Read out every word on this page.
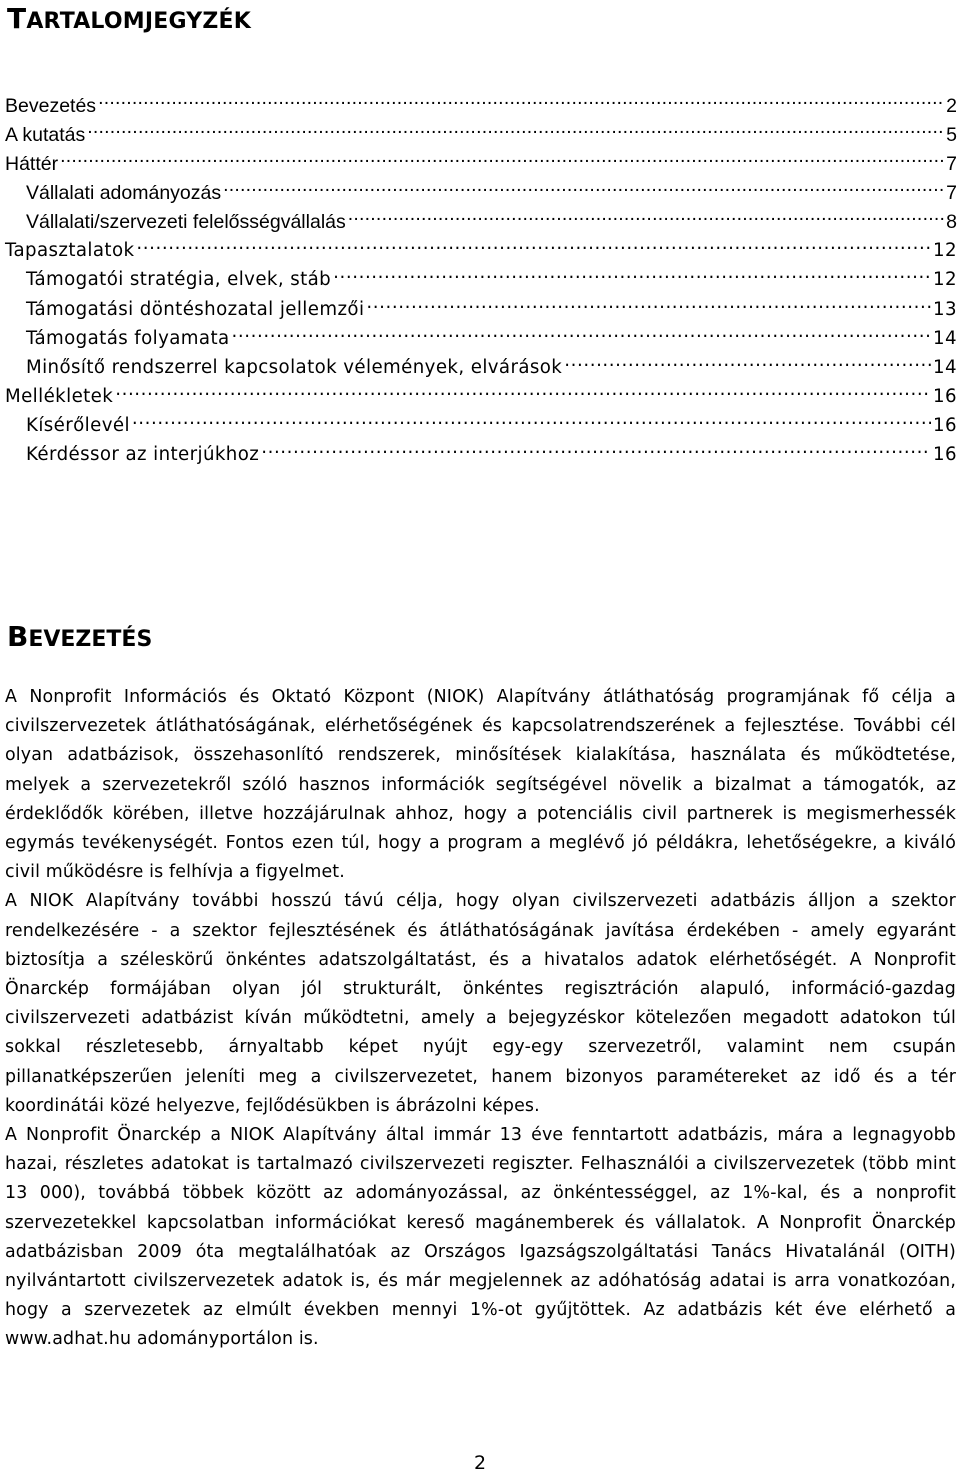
TARTALOMJEGYZÉK
Bevezetés . . .	2
A kutatás . . .	5
Háttér . . .	7
Vállalati adományozás . . .	7
Vállalati/szervezeti felelősségvállalás . . .	8
Tapasztalatok . . .	12
Támogatói stratégia, elvek, stáb . . .	12
Támogatási döntéshozatal jellemzői . . .	13
Támogatás folyamata . . .	14
Minősítő rendszerrel kapcsolatok vélemények, elvárások . . .	14
Mellékletek . . .	16
Kísérőlevél . . .	16
Kérdéssor az interjúkhoz . . .	16
BEVEZETÉS

A Nonprofit Információs és Oktató Központ (NIOK) Alapítvány átláthatóság programjának fő célja a civilszervezetek átláthatóságának, elérhetőségének és kapcsolatrendszerének a fejlesztése. További cél olyan adatbázisok, összehasonlító rendszerek, minősítések kialakítása, használata és működtetése, melyek a szervezetekről szóló hasznos információk segítségével növelik a bizalmat a támogatók, az érdeklődők körében, illetve hozzájárulnak ahhoz, hogy a potenciális civil partnerek is megismerhessék egymás tevékenységét. Fontos ezen túl, hogy a program a meglévő jó példákra, lehetőségekre, a kiváló civil működésre is felhívja a figyelmet.

A NIOK Alapítvány további hosszú távú célja, hogy olyan civilszervezeti adatbázis álljon a szektor rendelkezésére - a szektor fejlesztésének és átláthatóságának javítása érdekében - amely egyaránt biztosítja a széleskörű önkéntes adatszolgáltatást, és a hivatalos adatok elérhetőségét. A Nonprofit Önarckép formájában olyan jól strukturált, önkéntes regisztráción alapuló, információ-gazdag civilszervezeti adatbázist kíván működtetni, amely a bejegyzéskor kötelezően megadott adatokon túl sokkal részletesebb, árnyaltabb képet nyújt egy-egy szervezetről, valamint nem csupán pillanatképszerűen jeleníti meg a civilszervezetet, hanem bizonyos paramétereket az idő és a tér koordinátái közé helyezve, fejlődésükben is ábrázolni képes.

A Nonprofit Önarckép a NIOK Alapítvány által immár 13 éve fenntartott adatbázis, mára a legnagyobb hazai, részletes adatokat is tartalmazó civilszervezeti regiszter. Felhasználói a civilszervezetek (több mint 13 000), továbbá többek között az adományozással, az önkéntességgel, az 1%-kal, és a nonprofit szervezetekkel kapcsolatban információkat kereső magánemberek és vállalatok. A Nonprofit Önarckép adatbázisban 2009 óta megtalálhatóak az Országos Igazságszolgáltatási Tanács Hivatalánál (OITH) nyilvántartott civilszervezetek adatok is, és már megjelennek az adóhatóság adatai is arra vonatkozóan, hogy a szervezetek az elmúlt években mennyi 1%-ot gyűjtöttek. Az adatbázis két éve elérhető a www.adhat.hu adományportálon is.

2
